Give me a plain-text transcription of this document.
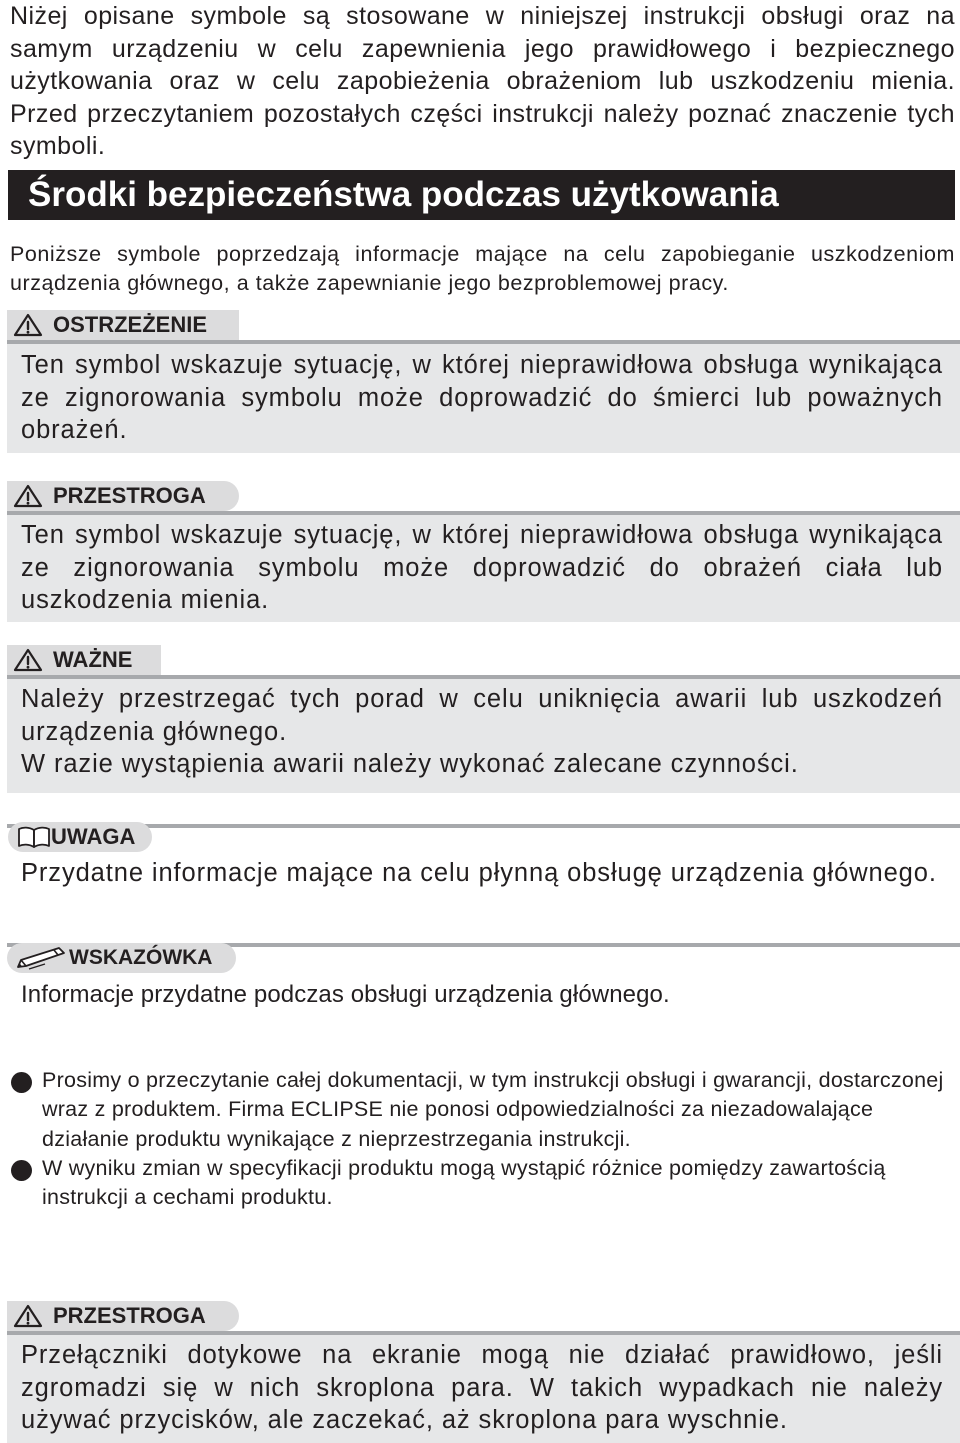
Niżej opisane symbole są stosowane w niniejszej instrukcji obsługi oraz na samym urządzeniu w celu zapewnienia jego prawidłowego i bezpiecznego użytkowania oraz w celu zapobieżenia obrażeniom lub uszkodzeniu mienia. Przed przeczytaniem pozostałych części instrukcji należy poznać znaczenie tych symboli.
Środki bezpieczeństwa podczas użytkowania
Poniższe symbole poprzedzają informacje mające na celu zapobieganie uszkodzeniom urządzenia głównego, a także zapewnianie jego bezproblemowej pracy.
OSTRZEŻENIE
Ten symbol wskazuje sytuację, w której nieprawidłowa obsługa wynikająca ze zignorowania symbolu może doprowadzić do śmierci lub poważnych obrażeń.
PRZESTROGA
Ten symbol wskazuje sytuację, w której nieprawidłowa obsługa wynikająca ze zignorowania symbolu może doprowadzić do obrażeń ciała lub uszkodzenia mienia.
WAŻNE
Należy przestrzegać tych porad w celu uniknięcia awarii lub uszkodzeń urządzenia głównego.
W razie wystąpienia awarii należy wykonać zalecane czynności.
UWAGA
Przydatne informacje mające na celu płynną obsługę urządzenia głównego.
WSKAZÓWKA
Informacje przydatne podczas obsługi urządzenia głównego.
Prosimy o przeczytanie całej dokumentacji, w tym instrukcji obsługi i gwarancji, dostarczonej wraz z produktem. Firma ECLIPSE nie ponosi odpowiedzialności za niezadowalające działanie produktu wynikające z nieprzestrzegania instrukcji.
W wyniku zmian w specyfikacji produktu mogą wystąpić różnice pomiędzy zawartością instrukcji a cechami produktu.
PRZESTROGA
Przełączniki dotykowe na ekranie mogą nie działać prawidłowo, jeśli zgromadzi się w nich skroplona para. W takich wypadkach nie należy używać przycisków, ale zaczekać, aż skroplona para wyschnie.
